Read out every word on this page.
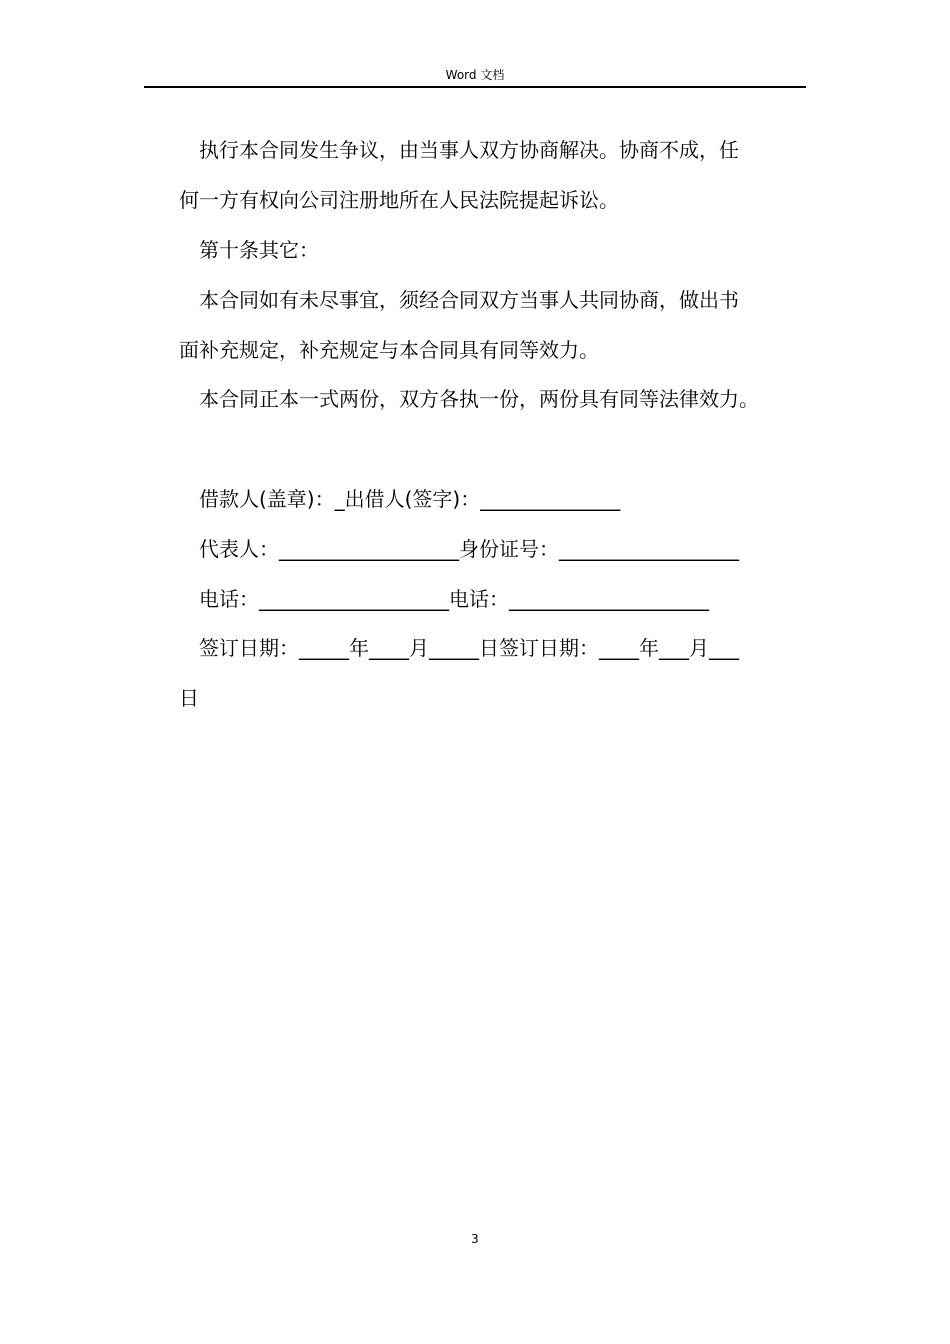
Word 文档
执行本合同发生争议，由当事人双方协商解决。协商不成，任
何一方有权向公司注册地所在人民法院提起诉讼。
第十条其它：
本合同如有未尽事宜，须经合同双方当事人共同协商，做出书
面补充规定，补充规定与本合同具有同等效力。
本合同正本一式两份，双方各执一份，两份具有同等法律效力。
借款人(盖章)：_出借人(签字)：______________
代表人：__________________身份证号：__________________
电话：___________________电话：____________________
签订日期：_____年____月_____日签订日期：____年___月___
日
3
